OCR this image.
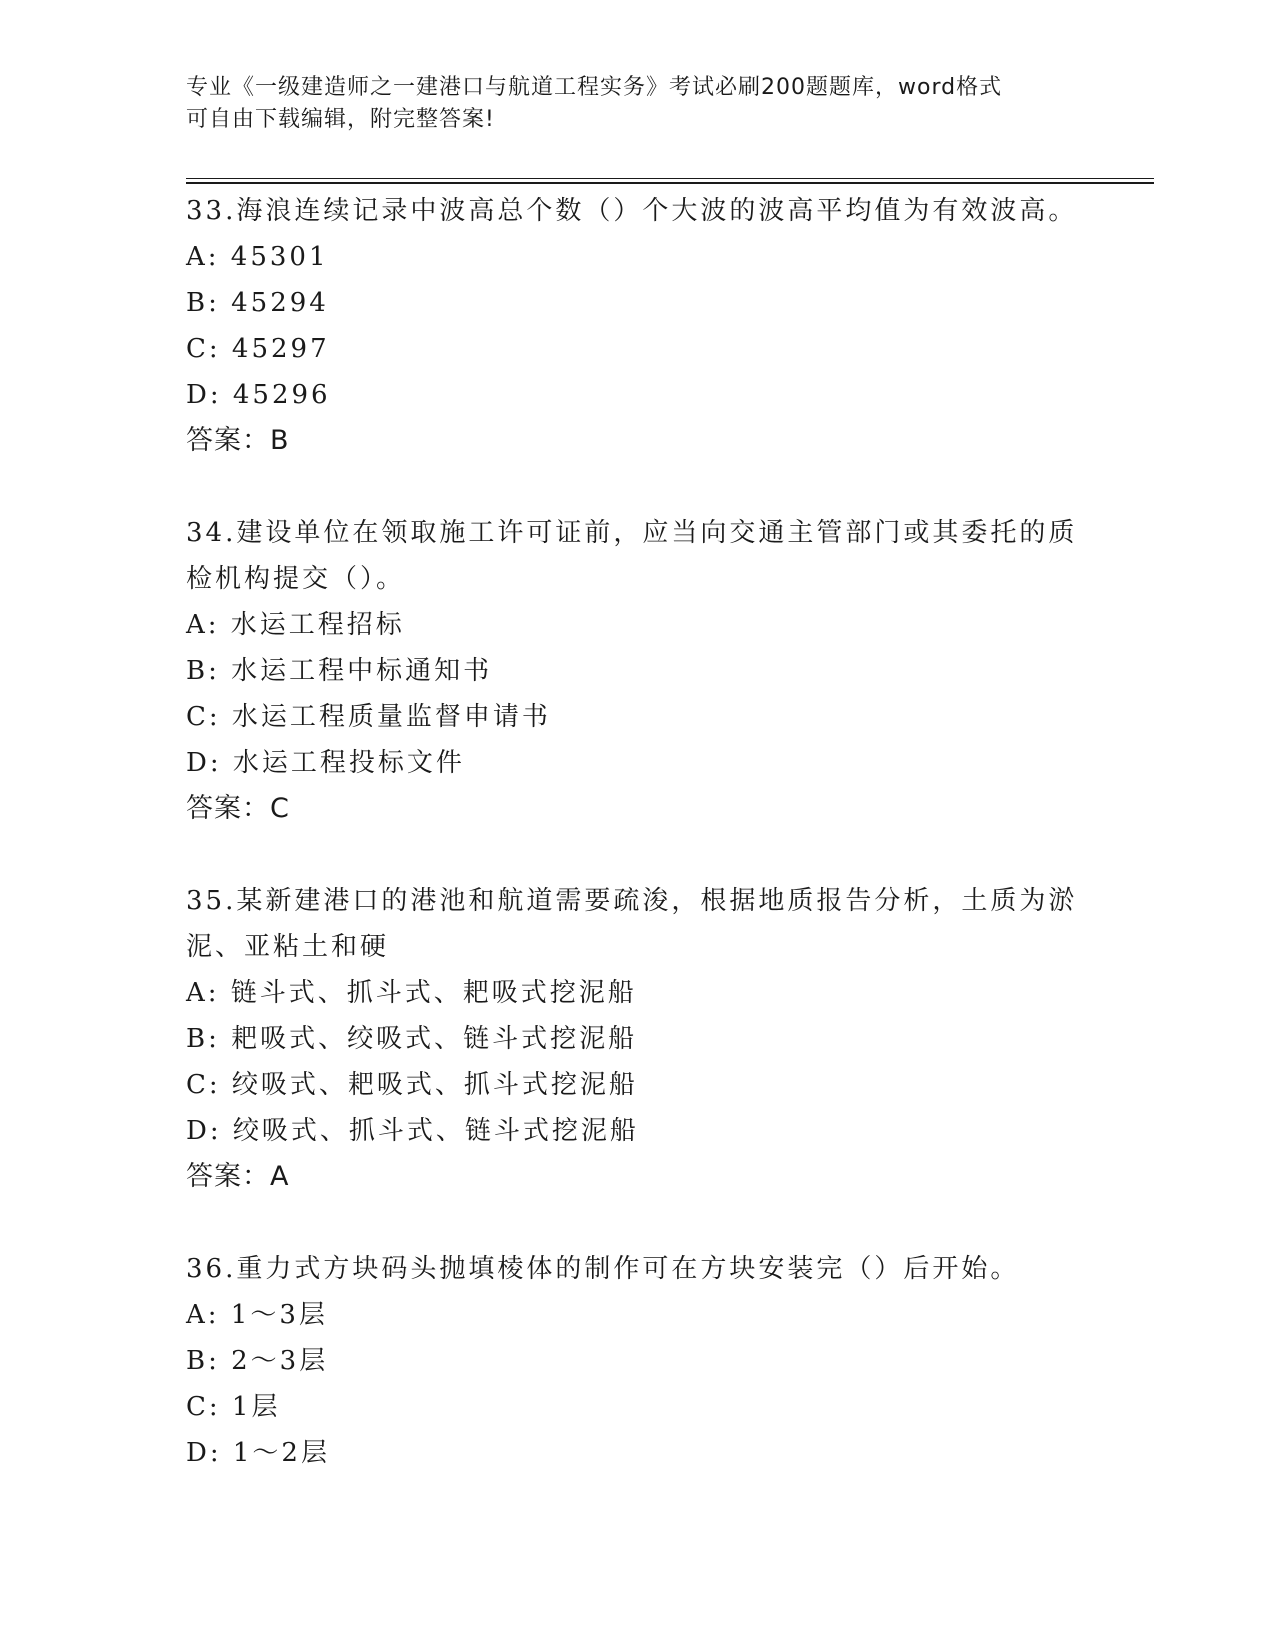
专业《一级建造师之一建港口与航道工程实务》考试必刷200题题库，word格式
可自由下载编辑，附完整答案!

33.海浪连续记录中波高总个数（）个大波的波高平均值为有效波高。

A: 45301

B: 45294

C: 45297

D: 45296

答案：B

34.建设单位在领取施工许可证前，应当向交通主管部门或其委托的质检机构提交（）。

A: 水运工程招标

B: 水运工程中标通知书

C: 水运工程质量监督申请书

D: 水运工程投标文件

答案：C

35.某新建港口的港池和航道需要疏浚，根据地质报告分析，土质为淤泥、亚粘土和硬

A: 链斗式、抓斗式、耙吸式挖泥船

B: 耙吸式、绞吸式、链斗式挖泥船

C: 绞吸式、耙吸式、抓斗式挖泥船

D: 绞吸式、抓斗式、链斗式挖泥船

答案：A

36.重力式方块码头抛填棱体的制作可在方块安装完（）后开始。

A: 1～3层

B: 2～3层

C: 1层

D: 1～2层
